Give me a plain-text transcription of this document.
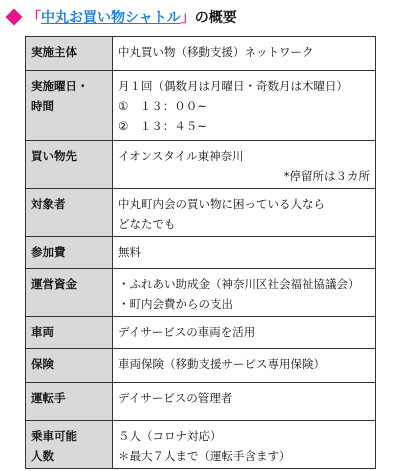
「中丸お買い物シャトル」の概要
実施主体	中丸買い物（移動支援）ネットワーク

実施曜日・
時間	月１回（偶数月は月曜日・奇数月は木曜日）
①　１３：００~
②　１３：４５~

買い物先	イオンスタイル東神奈川
*停留所は３カ所

対象者	中丸町内会の買い物に困っている人なら
どなたでも

参加費	無料

運営資金	・ふれあい助成金（神奈川区社会福祉協議会）
・町内会費からの支出

車両	デイサービスの車両を活用

保険	車両保険（移動支援サービス専用保険）

運転手	デイサービスの管理者

乗車可能
人数	５人（コロナ対応）
＊最大７人まで（運転手含ます）
